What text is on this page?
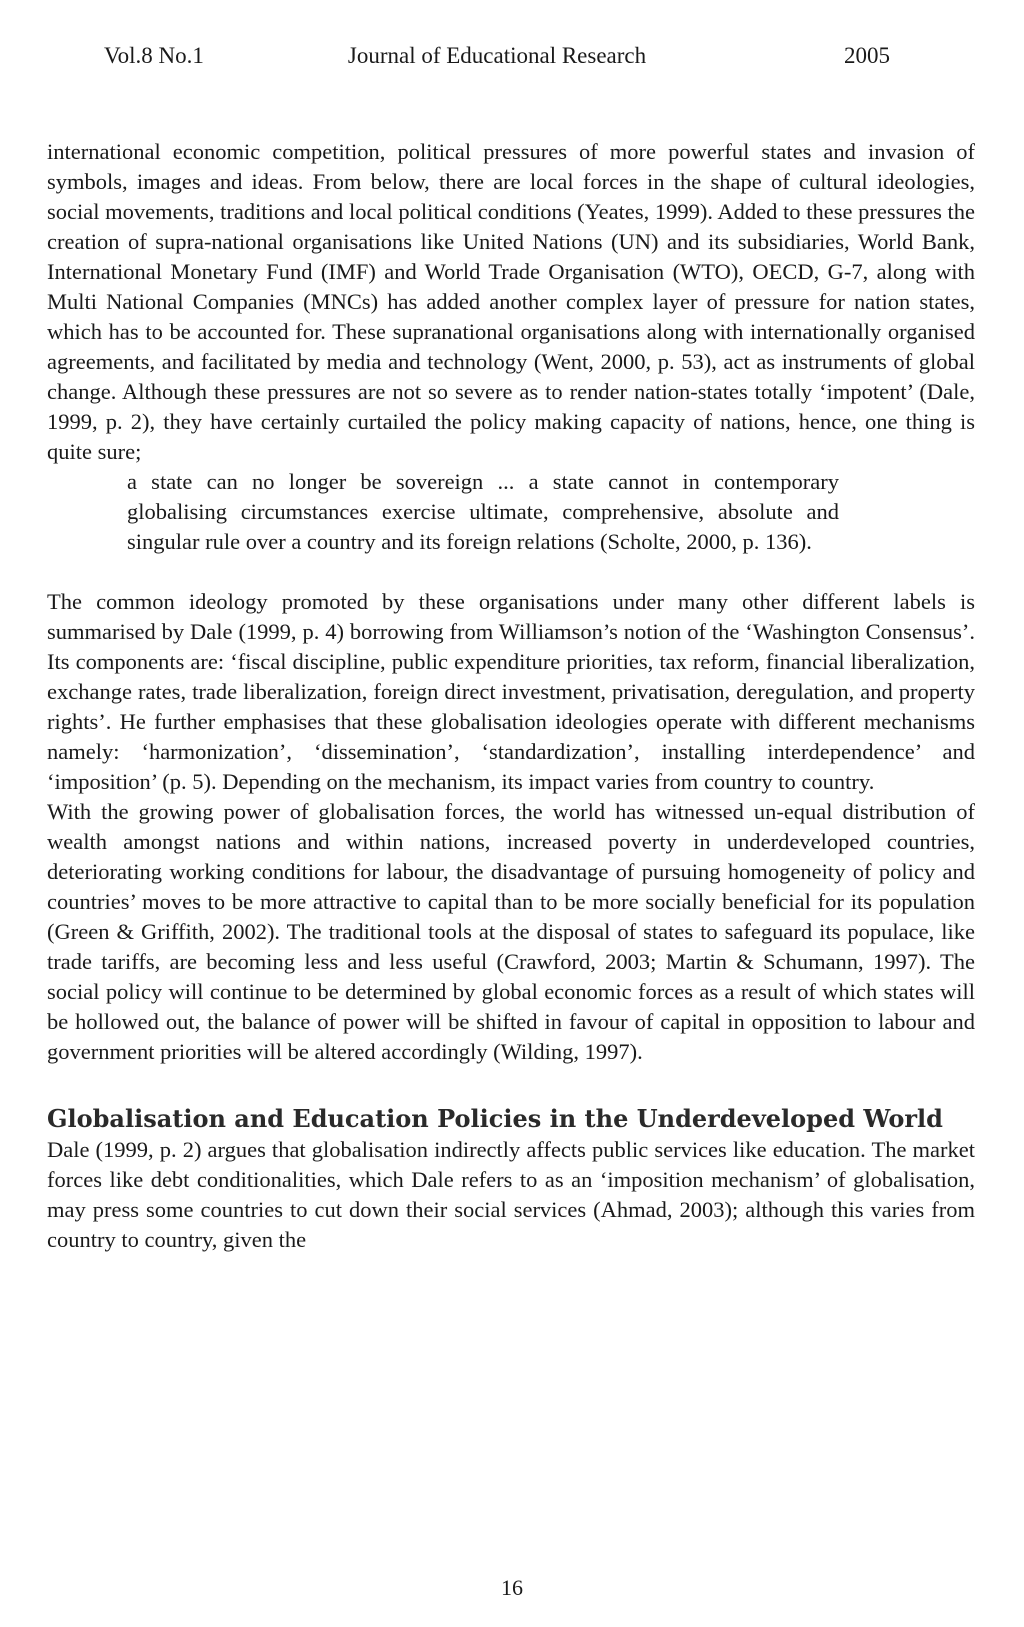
Vol.8 No.1	Journal of Educational Research	2005

international economic competition, political pressures of more powerful states and invasion of symbols, images and ideas. From below, there are local forces in the shape of cultural ideologies, social movements, traditions and local political conditions (Yeates, 1999). Added to these pressures the creation of supra-national organisations like United Nations (UN) and its subsidiaries, World Bank, International Monetary Fund (IMF) and World Trade Organisation (WTO), OECD, G-7, along with Multi National Companies (MNCs) has added another complex layer of pressure for nation states, which has to be accounted for. These supranational organisations along with internationally organised agreements, and facilitated by media and technology (Went, 2000, p. 53), act as instruments of global change. Although these pressures are not so severe as to render nation-states totally ‘impotent’ (Dale, 1999, p. 2), they have certainly curtailed the policy making capacity of nations, hence, one thing is quite sure;

a state can no longer be sovereign ... a state cannot in contemporary globalising circumstances exercise ultimate, comprehensive, absolute and singular rule over a country and its foreign relations (Scholte, 2000, p. 136).

The common ideology promoted by these organisations under many other different labels is summarised by Dale (1999, p. 4) borrowing from Williamson’s notion of the ‘Washington Consensus’. Its components are: ‘fiscal discipline, public expenditure priorities, tax reform, financial liberalization, exchange rates, trade liberalization, foreign direct investment, privatisation, deregulation, and property rights’. He further emphasises that these globalisation ideologies operate with different mechanisms namely: ‘harmonization’, ‘dissemination’, ‘standardization’, installing interdependence’ and ‘imposition’ (p. 5). Depending on the mechanism, its impact varies from country to country.

With the growing power of globalisation forces, the world has witnessed un-equal distribution of wealth amongst nations and within nations, increased poverty in underdeveloped countries, deteriorating working conditions for labour, the disadvantage of pursuing homogeneity of policy and countries’ moves to be more attractive to capital than to be more socially beneficial for its population (Green & Griffith, 2002). The traditional tools at the disposal of states to safeguard its populace, like trade tariffs, are becoming less and less useful (Crawford, 2003; Martin & Schumann, 1997). The social policy will continue to be determined by global economic forces as a result of which states will be hollowed out, the balance of power will be shifted in favour of capital in opposition to labour and government priorities will be altered accordingly (Wilding, 1997).

Globalisation and Education Policies in the Underdeveloped World

Dale (1999, p. 2) argues that globalisation indirectly affects public services like education. The market forces like debt conditionalities, which Dale refers to as an ‘imposition mechanism’ of globalisation, may press some countries to cut down their social services (Ahmad, 2003); although this varies from country to country, given the

16
